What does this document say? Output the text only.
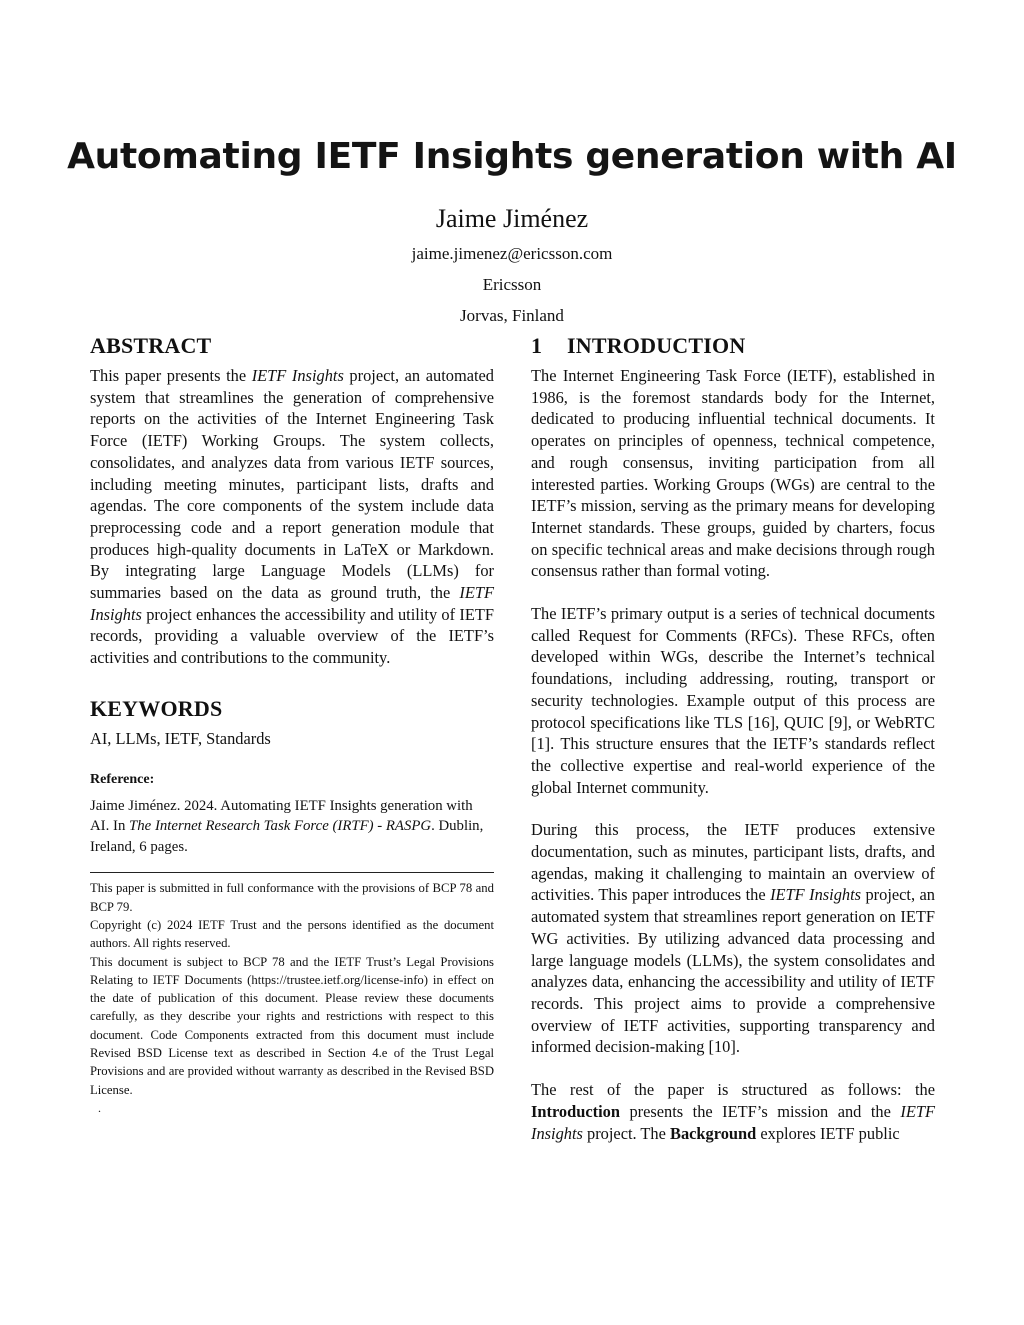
Automating IETF Insights generation with AI

Jaime Jiménez

jaime.jimenez@ericsson.com

Ericsson

Jorvas, Finland

ABSTRACT

This paper presents the IETF Insights project, an automated system that streamlines the generation of comprehensive reports on the activities of the Internet Engineering Task Force (IETF) Working Groups. The system collects, consolidates, and analyzes data from various IETF sources, including meeting minutes, participant lists, drafts and agendas. The core components of the system include data preprocessing code and a report generation module that produces high-quality documents in LaTeX or Markdown. By integrating large Language Models (LLMs) for summaries based on the data as ground truth, the IETF Insights project enhances the accessibility and utility of IETF records, providing a valuable overview of the IETF’s activities and contributions to the community.

KEYWORDS

AI, LLMs, IETF, Standards

Reference:

Jaime Jiménez. 2024. Automating IETF Insights generation with AI. In The Internet Research Task Force (IRTF) - RASPG. Dublin, Ireland, 6 pages.

This paper is submitted in full conformance with the provisions of BCP 78 and BCP 79.

Copyright (c) 2024 IETF Trust and the persons identified as the document authors. All rights reserved.

This document is subject to BCP 78 and the IETF Trust’s Legal Provisions Relating to IETF Documents (https://trustee.ietf.org/license-info) in effect on the date of publication of this document. Please review these documents carefully, as they describe your rights and restrictions with respect to this document. Code Components extracted from this document must include Revised BSD License text as described in Section 4.e of the Trust Legal Provisions and are provided without warranty as described in the Revised BSD License.

.

1 INTRODUCTION

The Internet Engineering Task Force (IETF), established in 1986, is the foremost standards body for the Internet, dedicated to producing influential technical documents. It operates on principles of openness, technical competence, and rough consensus, inviting participation from all interested parties. Working Groups (WGs) are central to the IETF’s mission, serving as the primary means for developing Internet standards. These groups, guided by charters, focus on specific technical areas and make decisions through rough consensus rather than formal voting.

The IETF’s primary output is a series of technical documents called Request for Comments (RFCs). These RFCs, often developed within WGs, describe the Internet’s technical foundations, including addressing, routing, transport or security technologies. Example output of this process are protocol specifications like TLS [16], QUIC [9], or WebRTC [1]. This structure ensures that the IETF’s standards reflect the collective expertise and real-world experience of the global Internet community.

During this process, the IETF produces extensive documentation, such as minutes, participant lists, drafts, and agendas, making it challenging to maintain an overview of activities. This paper introduces the IETF Insights project, an automated system that streamlines report generation on IETF WG activities. By utilizing advanced data processing and large language models (LLMs), the system consolidates and analyzes data, enhancing the accessibility and utility of IETF records. This project aims to provide a comprehensive overview of IETF activities, supporting transparency and informed decision-making [10].

The rest of the paper is structured as follows: the Introduction presents the IETF’s mission and the IETF Insights project. The Background explores IETF public
